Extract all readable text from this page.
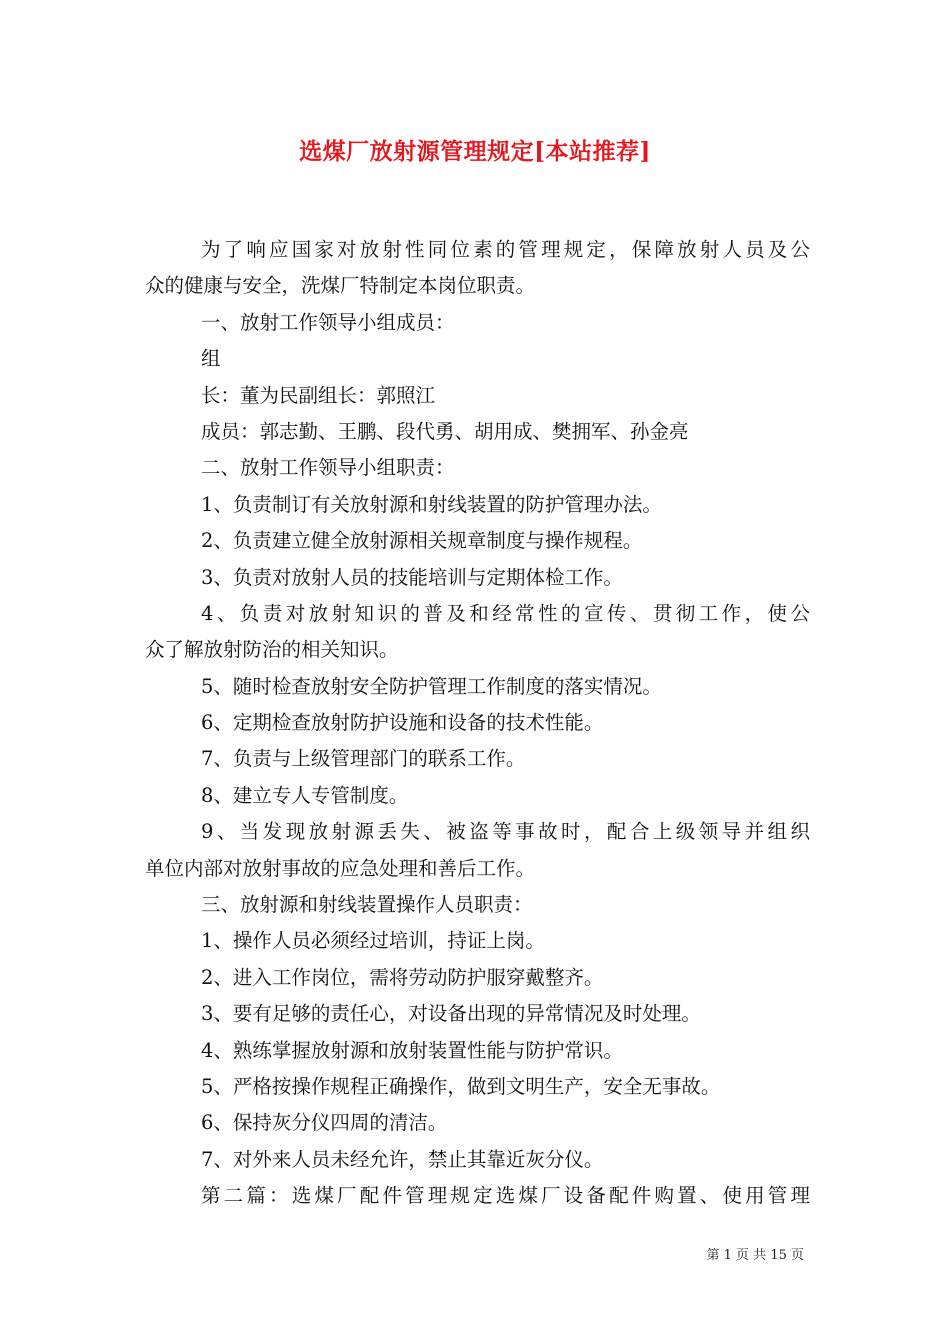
选煤厂放射源管理规定[本站推荐]
为了响应国家对放射性同位素的管理规定，保障放射人员及公
众的健康与安全，洗煤厂特制定本岗位职责。
一、放射工作领导小组成员：
组
长：董为民副组长：郭照江
成员：郭志勤、王鹏、段代勇、胡用成、樊拥军、孙金亮
二、放射工作领导小组职责：
1、负责制订有关放射源和射线装置的防护管理办法。
2、负责建立健全放射源相关规章制度与操作规程。
3、负责对放射人员的技能培训与定期体检工作。
4、负责对放射知识的普及和经常性的宣传、贯彻工作，使公
众了解放射防治的相关知识。
5、随时检查放射安全防护管理工作制度的落实情况。
6、定期检查放射防护设施和设备的技术性能。
7、负责与上级管理部门的联系工作。
8、建立专人专管制度。
9、当发现放射源丢失、被盗等事故时，配合上级领导并组织
单位内部对放射事故的应急处理和善后工作。
三、放射源和射线装置操作人员职责：
1、操作人员必须经过培训，持证上岗。
2、进入工作岗位，需将劳动防护服穿戴整齐。
3、要有足够的责任心，对设备出现的异常情况及时处理。
4、熟练掌握放射源和放射装置性能与防护常识。
5、严格按操作规程正确操作，做到文明生产，安全无事故。
6、保持灰分仪四周的清洁。
7、对外来人员未经允许，禁止其靠近灰分仪。
第二篇：选煤厂配件管理规定选煤厂设备配件购置、使用管理
第 1 页 共 15 页
